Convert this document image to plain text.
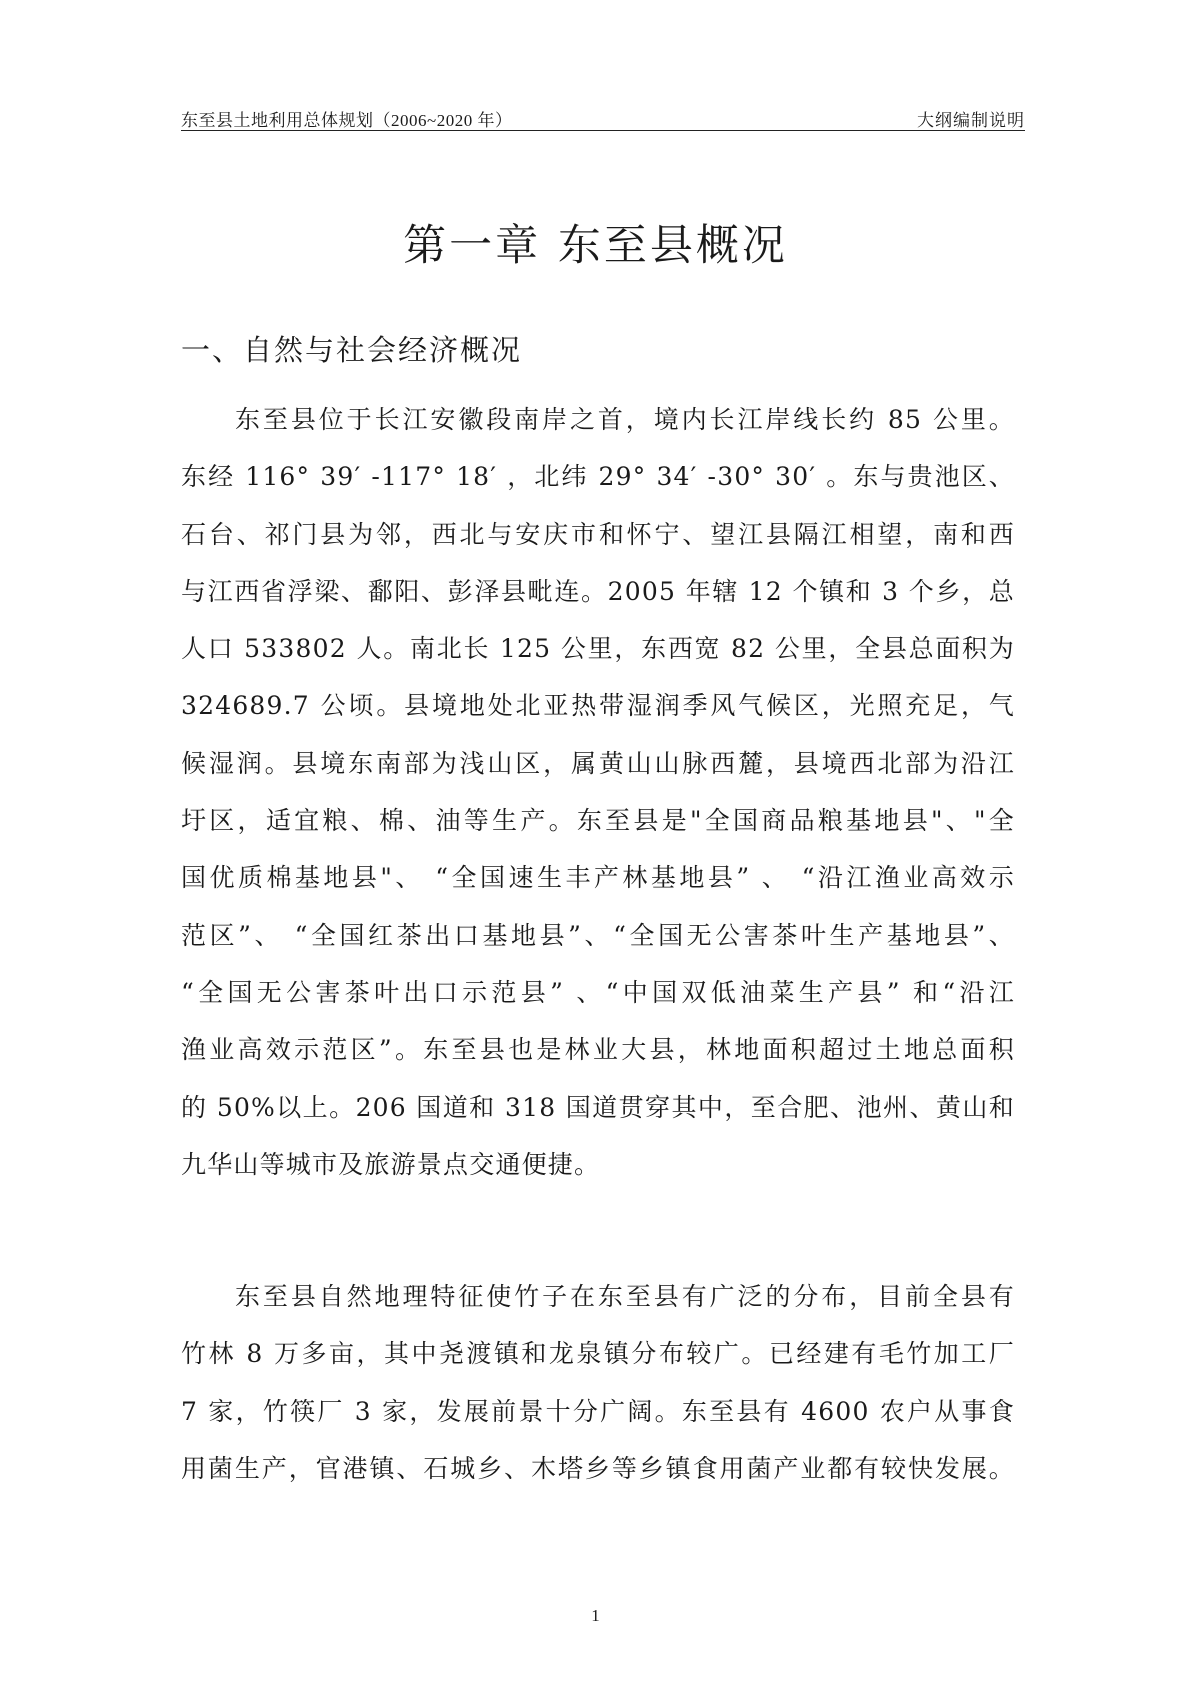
东至县土地利用总体规划（2006~2020 年）	大纲编制说明
第一章 东至县概况
一、自然与社会经济概况
东至县位于长江安徽段南岸之首，境内长江岸线长约 85 公里。
东经 116° 39′ -117° 18′ ，北纬 29° 34′ -30° 30′ 。东与贵池区、
石台、祁门县为邻，西北与安庆市和怀宁、望江县隔江相望，南和西
与江西省浮梁、鄱阳、彭泽县毗连。2005 年辖 12 个镇和 3 个乡，总
人口 533802 人。南北长 125 公里，东西宽 82 公里，全县总面积为
324689.7 公顷。县境地处北亚热带湿润季风气候区，光照充足，气
候湿润。县境东南部为浅山区，属黄山山脉西麓，县境西北部为沿江
圩区，适宜粮、棉、油等生产。东至县是"全国商品粮基地县"、"全
国优质棉基地县"、 “全国速生丰产林基地县” 、 “沿江渔业高效示
范区”、 “全国红茶出口基地县”、“全国无公害茶叶生产基地县”、
“全国无公害茶叶出口示范县” 、“中国双低油菜生产县” 和“沿江
渔业高效示范区”。东至县也是林业大县，林地面积超过土地总面积
的 50%以上。206 国道和 318 国道贯穿其中，至合肥、池州、黄山和
九华山等城市及旅游景点交通便捷。
东至县自然地理特征使竹子在东至县有广泛的分布，目前全县有
竹林 8 万多亩，其中尧渡镇和龙泉镇分布较广。已经建有毛竹加工厂
7 家，竹筷厂 3 家，发展前景十分广阔。东至县有 4600 农户从事食
用菌生产，官港镇、石城乡、木塔乡等乡镇食用菌产业都有较快发展。
1
